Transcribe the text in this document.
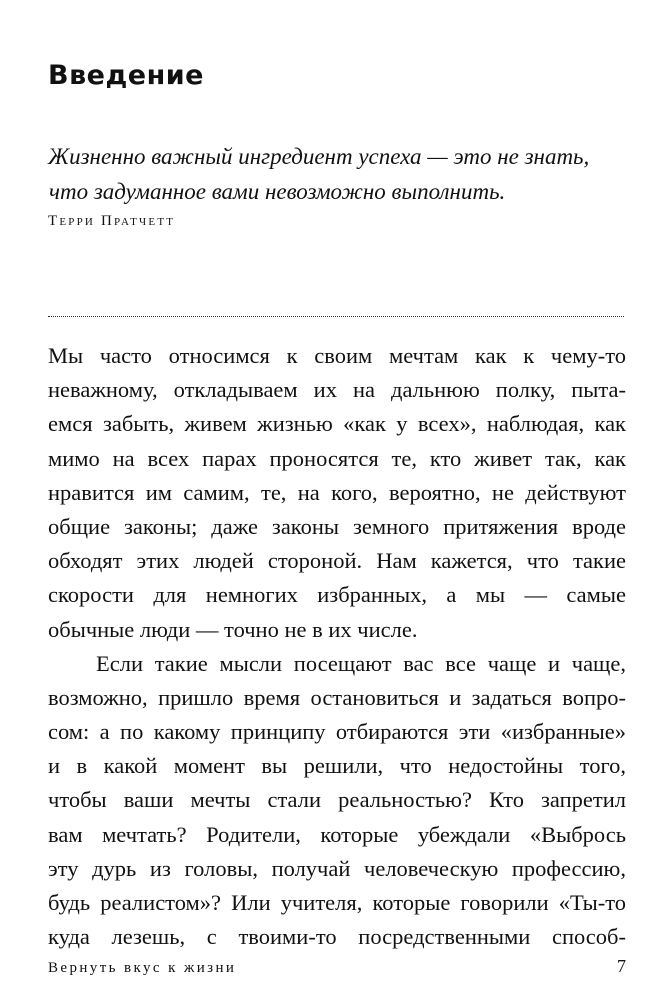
Введение
Жизненно важный ингредиент успеха — это не знать,
что задуманное вами невозможно выполнить.
Терри Пратчетт
Мы часто относимся к своим мечтам как к чему-то
неважному, откладываем их на дальнюю полку, пыта-
емся забыть, живем жизнью «как у всех», наблюдая, как
мимо на всех парах проносятся те, кто живет так, как
нравится им самим, те, на кого, вероятно, не действуют
общие законы; даже законы земного притяжения вроде
обходят этих людей стороной. Нам кажется, что такие
скорости для немногих избранных, а мы — самые
обычные люди — точно не в их числе.
Если такие мысли посещают вас все чаще и чаще,
возможно, пришло время остановиться и задаться вопро-
сом: а по какому принципу отбираются эти «избранные»
и в какой момент вы решили, что недостойны того,
чтобы ваши мечты стали реальностью? Кто запретил
вам мечтать? Родители, которые убеждали «Выбрось
эту дурь из головы, получай человеческую профессию,
будь реалистом»? Или учителя, которые говорили «Ты-то
куда лезешь, с твоими-то посредственными способ-
Вернуть вкус к жизни	7
